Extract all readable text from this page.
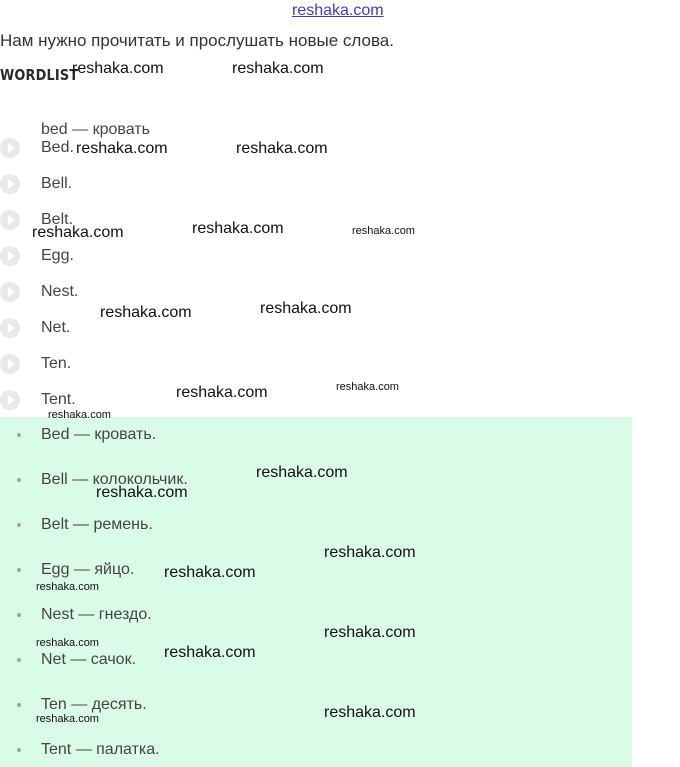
reshaka.com
Нам нужно прочитать и прослушать новые слова.
WORDLIST
bed — кровать
Bed.
Bell.
Belt.
Egg.
Nest.
Net.
Ten.
Tent.
Bed — кровать.
Bell — колокольчик.
Belt — ремень.
Egg — яйцо.
Nest — гнездо.
Net — сачок.
Ten — десять.
Tent — палатка.
reshaka.com	reshaka.com
reshaka.com	reshaka.com
reshaka.com	reshaka.com	reshaka.com
reshaka.com	reshaka.com
reshaka.com	reshaka.com
reshaka.com
reshaka.com
reshaka.com
reshaka.com
reshaka.com
reshaka.com
reshaka.com
reshaka.com
reshaka.com
reshaka.com
reshaka.com
